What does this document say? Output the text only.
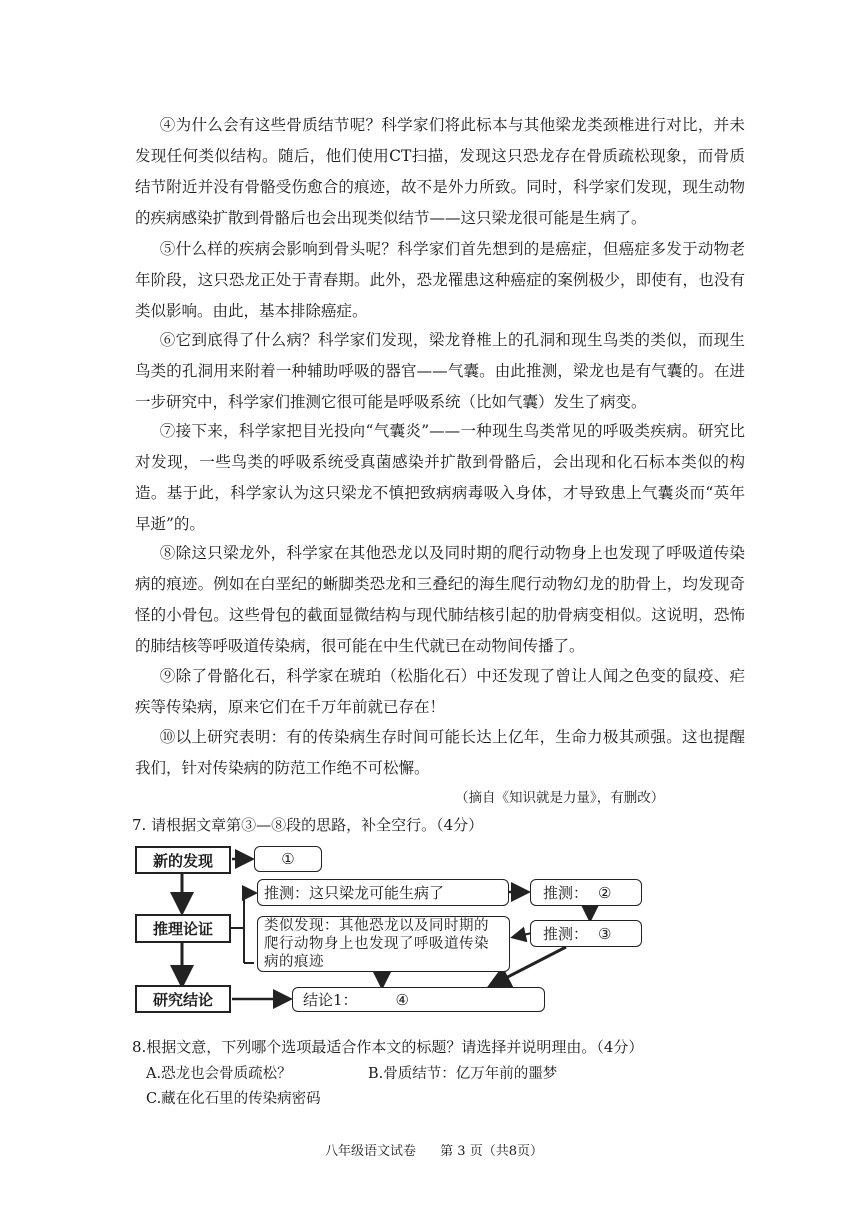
④为什么会有这些骨质结节呢？科学家们将此标本与其他梁龙类颈椎进行对比，并未发现任何类似结构。随后，他们使用CT扫描，发现这只恐龙存在骨质疏松现象，而骨质结节附近并没有骨骼受伤愈合的痕迹，故不是外力所致。同时，科学家们发现，现生动物的疾病感染扩散到骨骼后也会出现类似结节——这只梁龙很可能是生病了。

⑤什么样的疾病会影响到骨头呢？科学家们首先想到的是癌症，但癌症多发于动物老年阶段，这只恐龙正处于青春期。此外，恐龙罹患这种癌症的案例极少，即使有，也没有类似影响。由此，基本排除癌症。

⑥它到底得了什么病？科学家们发现，梁龙脊椎上的孔洞和现生鸟类的类似，而现生鸟类的孔洞用来附着一种辅助呼吸的器官——气囊。由此推测，梁龙也是有气囊的。在进一步研究中，科学家们推测它很可能是呼吸系统（比如气囊）发生了病变。

⑦接下来，科学家把目光投向“气囊炎”——一种现生鸟类常见的呼吸类疾病。研究比对发现，一些鸟类的呼吸系统受真菌感染并扩散到骨骼后，会出现和化石标本类似的构造。基于此，科学家认为这只梁龙不慎把致病病毒吸入身体，才导致患上气囊炎而“英年早逝”的。

⑧除这只梁龙外，科学家在其他恐龙以及同时期的爬行动物身上也发现了呼吸道传染病的痕迹。例如在白垩纪的蜥脚类恐龙和三叠纪的海生爬行动物幻龙的肋骨上，均发现奇怪的小骨包。这些骨包的截面显微结构与现代肺结核引起的肋骨病变相似。这说明，恐怖的肺结核等呼吸道传染病，很可能在中生代就已在动物间传播了。

⑨除了骨骼化石，科学家在琥珀（松脂化石）中还发现了曾让人闻之色变的鼠疫、疟疾等传染病，原来它们在千万年前就已存在！

⑩以上研究表明：有的传染病生存时间可能长达上亿年，生命力极其顽强。这也提醒我们，针对传染病的防范工作绝不可松懈。

（摘自《知识就是力量》，有删改）
7. 请根据文章第③—⑧段的思路，补全空行。（4分）
新的发现	①
推理论证
推测：这只梁龙可能生病了	推测： ②
推测： ③
类似发现：其他恐龙以及同时期的爬行动物身上也发现了呼吸道传染病的痕迹
研究结论	结论1：	④
8.根据文意，下列哪个选项最适合作本文的标题？请选择并说明理由。（4分）
A.恐龙也会骨质疏松？	B.骨质结节：亿万年前的噩梦
C.藏在化石里的传染病密码
八年级语文试卷 第 3 页（共8页）
